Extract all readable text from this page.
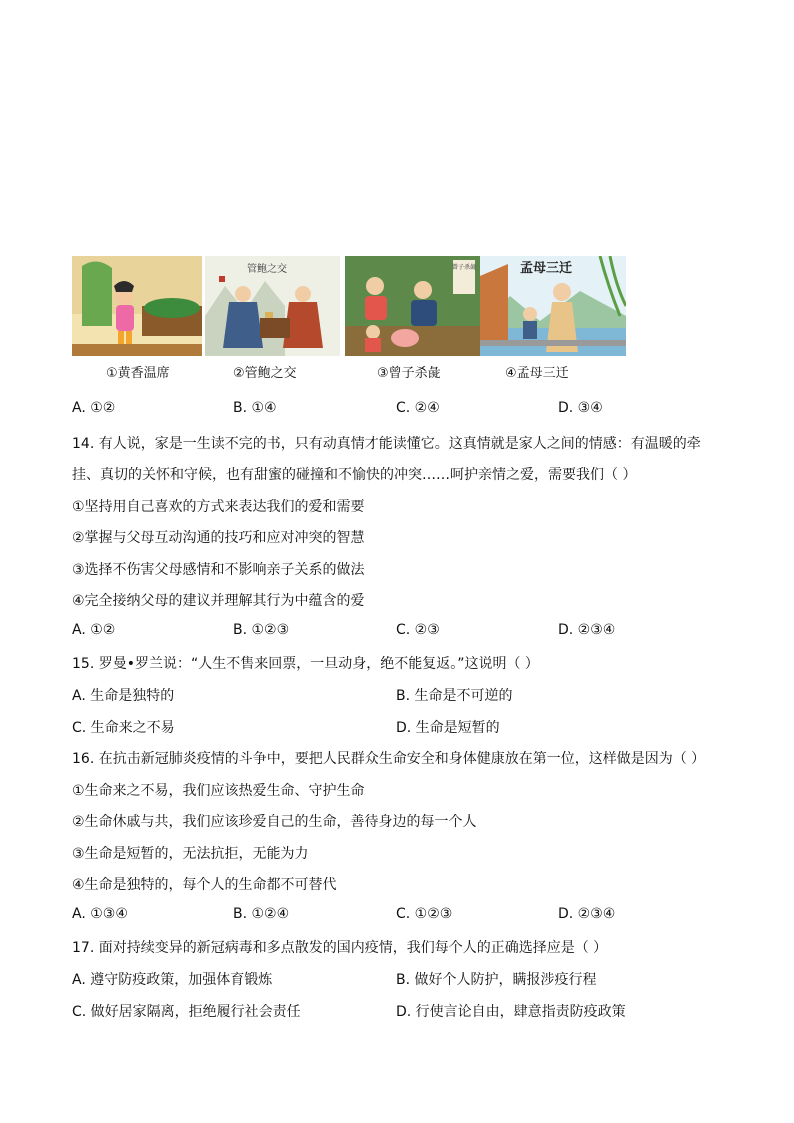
管鲍之交	曾子杀彘	孟母三迁
①黄香温席	②管鲍之交	③曾子杀彘	④孟母三迁
A. ①②	B. ①④	C. ②④	D. ③④
14. 有人说，家是一生读不完的书，只有动真情才能读懂它。这真情就是家人之间的情感：有温暖的牵
挂、真切的关怀和守候，也有甜蜜的碰撞和不愉快的冲突……呵护亲情之爱，需要我们（ ）
①坚持用自己喜欢的方式来表达我们的爱和需要
②掌握与父母互动沟通的技巧和应对冲突的智慧
③选择不伤害父母感情和不影响亲子关系的做法
④完全接纳父母的建议并理解其行为中蕴含的爱
A. ①②	B. ①②③	C. ②③	D. ②③④
15. 罗曼•罗兰说：“人生不售来回票，一旦动身，绝不能复返。”这说明（ ）
A. 生命是独特的	B. 生命是不可逆的
C. 生命来之不易	D. 生命是短暂的
16. 在抗击新冠肺炎疫情的斗争中，要把人民群众生命安全和身体健康放在第一位，这样做是因为（ ）
①生命来之不易，我们应该热爱生命、守护生命
②生命休戚与共，我们应该珍爱自己的生命，善待身边的每一个人
③生命是短暂的，无法抗拒，无能为力
④生命是独特的，每个人的生命都不可替代
A. ①③④	B. ①②④	C. ①②③	D. ②③④
17. 面对持续变异的新冠病毒和多点散发的国内疫情，我们每个人的正确选择应是（ ）
A. 遵守防疫政策，加强体育锻炼	B. 做好个人防护，瞒报涉疫行程
C. 做好居家隔离，拒绝履行社会责任	D. 行使言论自由，肆意指责防疫政策
